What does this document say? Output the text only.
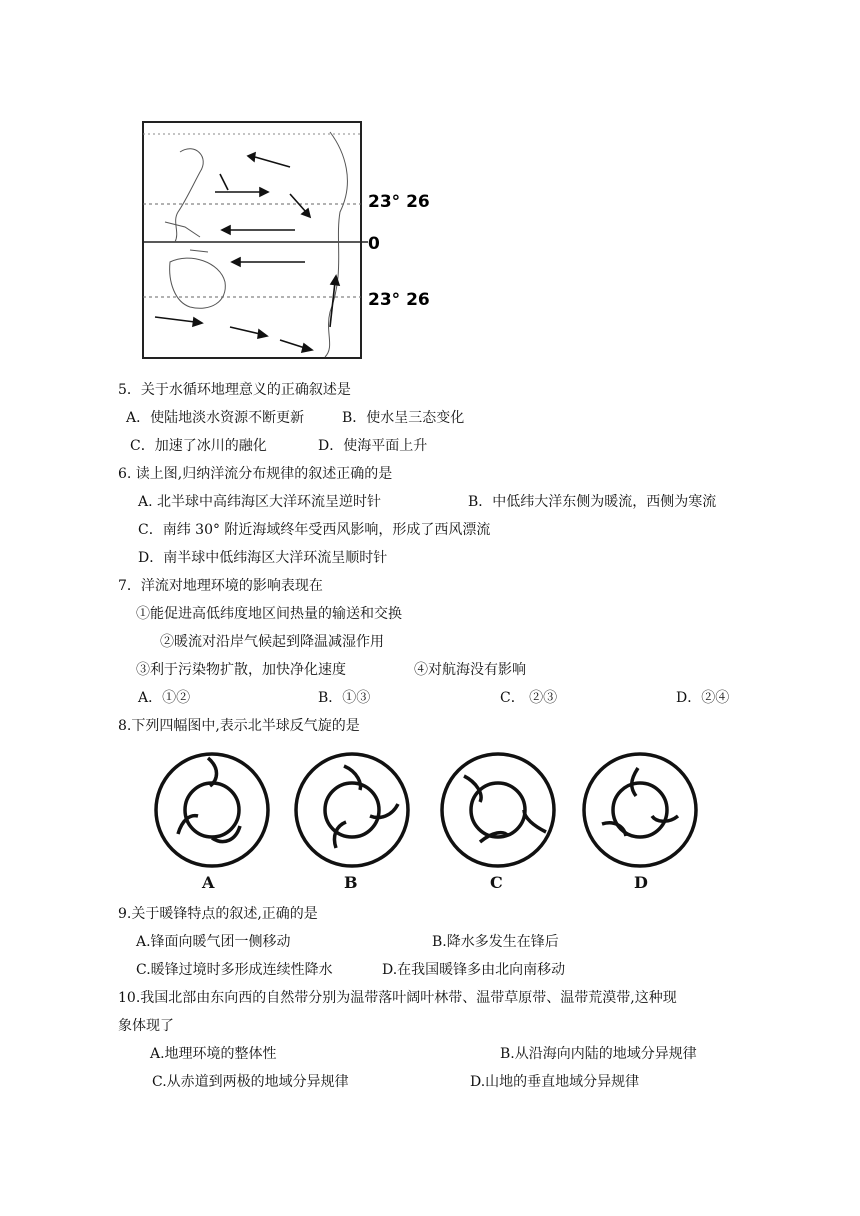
23° 26
0
23° 26
5．关于水循环地理意义的正确叙述是
A．使陆地淡水资源不断更新	B．使水呈三态变化
C．加速了冰川的融化	D．使海平面上升
6. 读上图,归纳洋流分布规律的叙述正确的是
A. 北半球中高纬海区大洋环流呈逆时针	B．中低纬大洋东侧为暖流，西侧为寒流
C．南纬 30° 附近海域终年受西风影响，形成了西风漂流
D．南半球中低纬海区大洋环流呈顺时针
7．洋流对地理环境的影响表现在
①能促进高低纬度地区间热量的输送和交换
②暖流对沿岸气候起到降温减湿作用
③利于污染物扩散，加快净化速度	④对航海没有影响
A．①②	B．①③	C． ②③	D．②④
8.下列四幅图中,表示北半球反气旋的是
A	B	C	D
9.关于暖锋特点的叙述,正确的是
A.锋面向暖气团一侧移动	B.降水多发生在锋后
C.暖锋过境时多形成连续性降水	D.在我国暖锋多由北向南移动
10.我国北部由东向西的自然带分别为温带落叶阔叶林带、温带草原带、温带荒漠带,这种现
象体现了
A.地理环境的整体性	B.从沿海向内陆的地域分异规律
C.从赤道到两极的地域分异规律	D.山地的垂直地域分异规律
